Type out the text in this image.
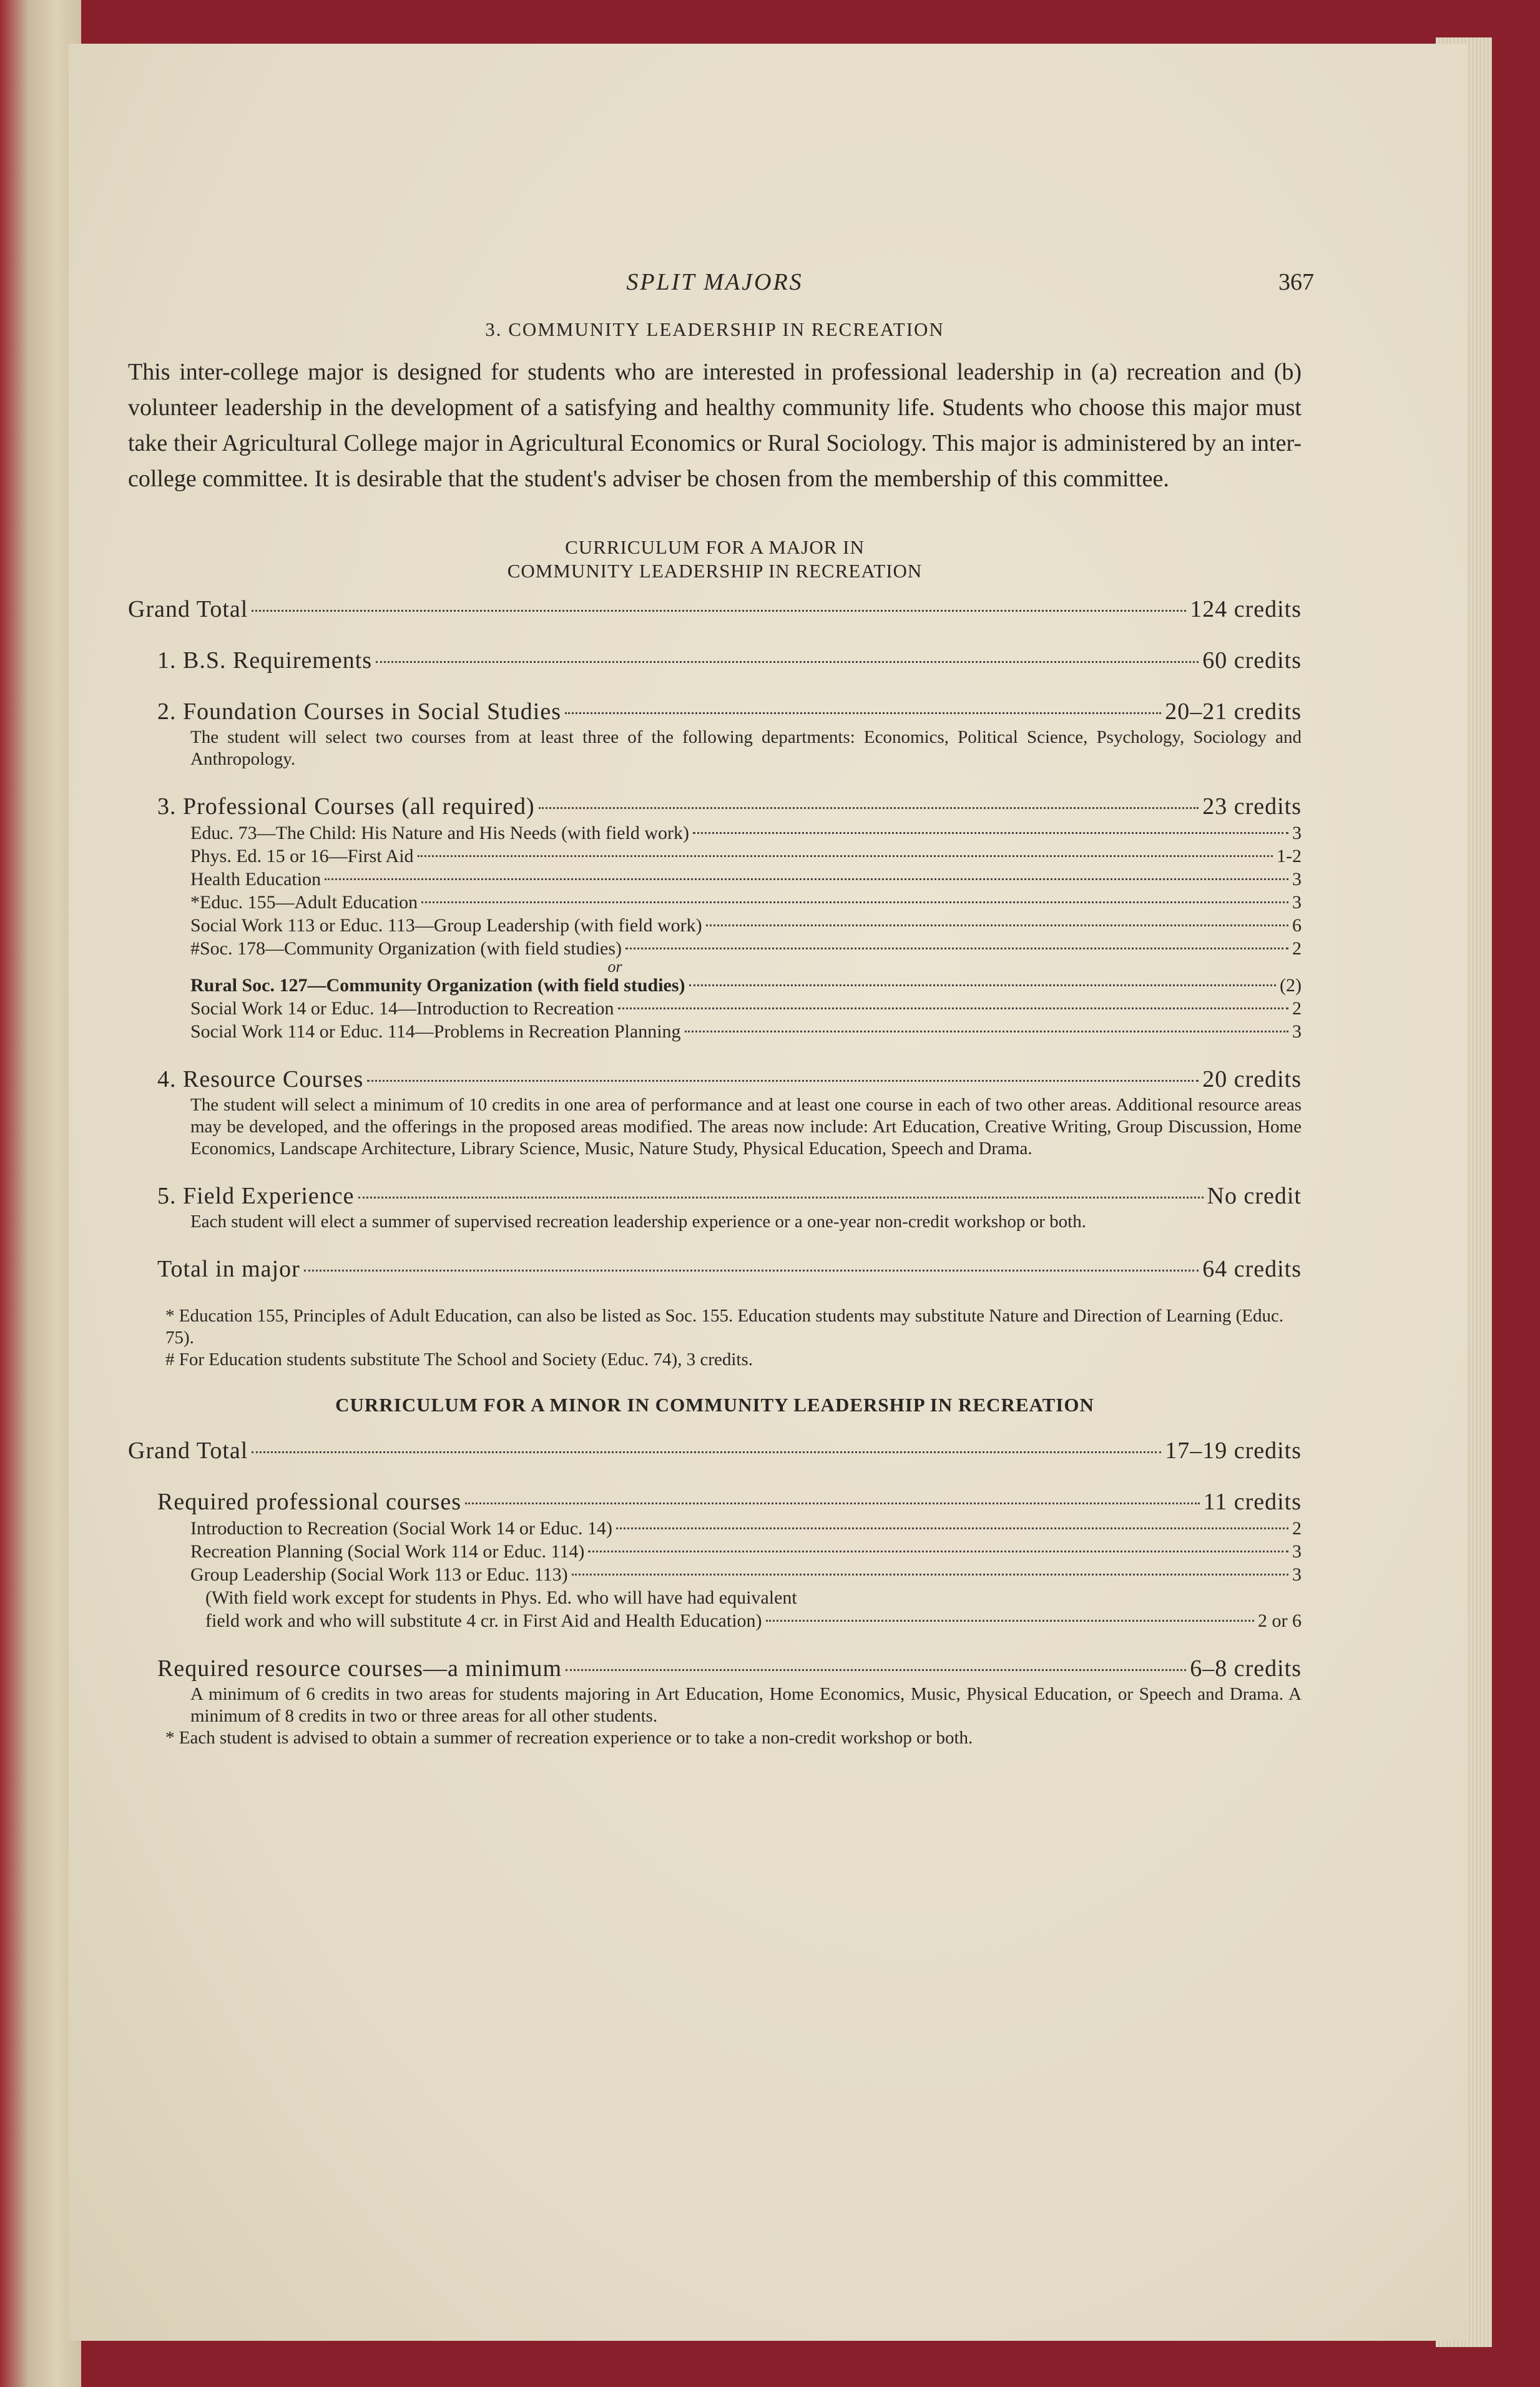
SPLIT MAJORS	367
3. COMMUNITY LEADERSHIP IN RECREATION

This inter-college major is designed for students who are interested in professional leadership in (a) recreation and (b) volunteer leadership in the development of a satisfying and healthy community life. Students who choose this major must take their Agricultural College major in Agricultural Economics or Rural Sociology. This major is administered by an inter-college committee. It is desirable that the student's adviser be chosen from the membership of this committee.

CURRICULUM FOR A MAJOR IN
COMMUNITY LEADERSHIP IN RECREATION
Grand Total	124 credits
1. B.S. Requirements	60 credits
2. Foundation Courses in Social Studies	20–21 credits
The student will select two courses from at least three of the following departments: Economics, Political Science, Psychology, Sociology and Anthropology.
3. Professional Courses (all required)	23 credits
Educ. 73—The Child: His Nature and His Needs (with field work)	3
Phys. Ed. 15 or 16—First Aid	1-2
Health Education	3
*Educ. 155—Adult Education	3
Social Work 113 or Educ. 113—Group Leadership (with field work)	6
#Soc. 178—Community Organization (with field studies)	2
or
Rural Soc. 127—Community Organization (with field studies)	(2)
Social Work 14 or Educ. 14—Introduction to Recreation	2
Social Work 114 or Educ. 114—Problems in Recreation Planning	3
4. Resource Courses	20 credits
The student will select a minimum of 10 credits in one area of performance and at least one course in each of two other areas. Additional resource areas may be developed, and the offerings in the proposed areas modified. The areas now include: Art Education, Creative Writing, Group Discussion, Home Economics, Landscape Architecture, Library Science, Music, Nature Study, Physical Education, Speech and Drama.
5. Field Experience	No credit
Each student will elect a summer of supervised recreation leadership experience or a one-year non-credit workshop or both.
Total in major	64 credits
* Education 155, Principles of Adult Education, can also be listed as Soc. 155. Education students may substitute Nature and Direction of Learning (Educ. 75).
# For Education students substitute The School and Society (Educ. 74), 3 credits.
CURRICULUM FOR A MINOR IN COMMUNITY LEADERSHIP IN RECREATION
Grand Total	17–19 credits
Required professional courses	11 credits
Introduction to Recreation (Social Work 14 or Educ. 14)	2
Recreation Planning (Social Work 114 or Educ. 114)	3
Group Leadership (Social Work 113 or Educ. 113)	3
(With field work except for students in Phys. Ed. who will have had equivalent
field work and who will substitute 4 cr. in First Aid and Health Education)	2 or 6
Required resource courses—a minimum	6–8 credits
A minimum of 6 credits in two areas for students majoring in Art Education, Home Economics, Music, Physical Education, or Speech and Drama. A minimum of 8 credits in two or three areas for all other students.
* Each student is advised to obtain a summer of recreation experience or to take a non-credit workshop or both.
